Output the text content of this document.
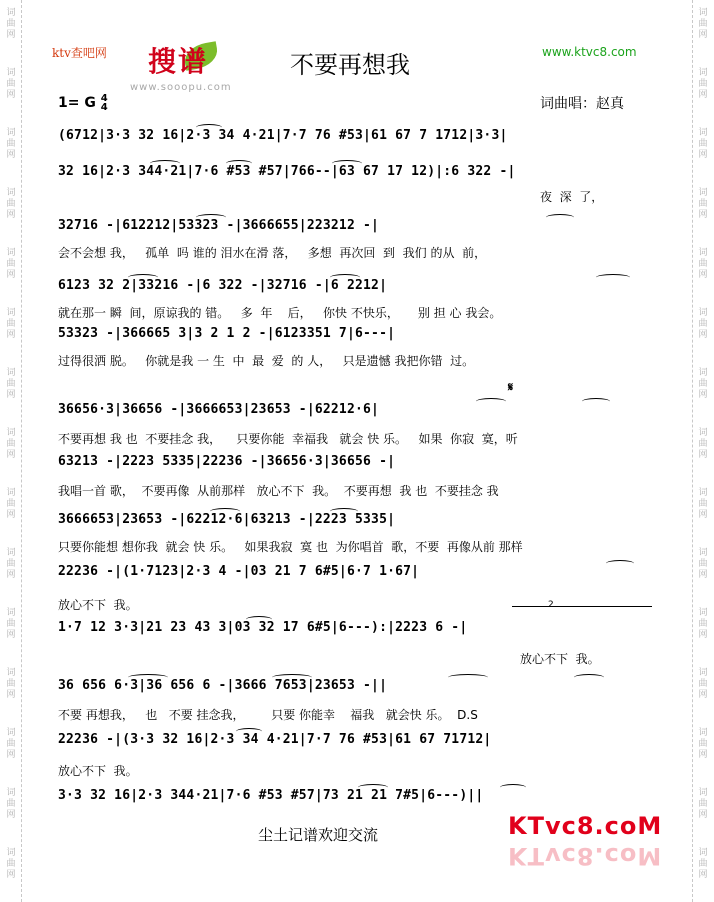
词
曲
网
词
曲
网
词
曲
网
词
曲
网
词
曲
网
词
曲
网
词
曲
网
词
曲
网
词
曲
网
词
曲
网
词
曲
网
词
曲
网
词
曲
网
词
曲
网
词
曲
网
词
曲
网
词
曲
网
词
曲
网
词
曲
网
词
曲
网
词
曲
网
词
曲
网
词
曲
网
词
曲
网
词
曲
网
词
曲
网
词
曲
网
词
曲
网
词
曲
网
词
曲
网
ktv查吧网 搜谱
www.sooopu.com
不要再想我	www.ktvc8.com
1= G 4
4	词曲唱：赵真
(6712|3·3 32 16|2·3 34 4·21|7·7 76 #53|61 67 7 1712|3·3|
32 16|2·3 344·21|7·6 #53 #57|766--|63 67 17 12)|:6 322 -|
夜  深  了，
32716 -|612212|53323 -|3666655|223212 -|
会不会想 我，   孤单  吗 谁的 泪水在滑 落，   多想  再次回  到  我们 的从  前，
6123 32 2|33216 -|6 322 -|32716 -|6 2212|
就在那一 瞬  间，原谅我的 错。   多  年    后，   你快 不快乐，     别 担 心 我会。
53323 -|366665 3|3 2 1 2 -|6123351 7|6---|
过得很洒 脱。   你就是我 一 生  中  最  爱  的 人，   只是遗憾 我把你错  过。
𝄋
36656·3|36656 -|3666653|23653 -|62212·6|
不要再想 我 也  不要挂念 我，    只要你能  幸福我   就会 快 乐。   如果  你寂  寞，听
63213 -|2223 5335|22236 -|36656·3|36656 -|
我唱一首 歌，  不要再像  从前那样   放心不下  我。  不要再想  我 也  不要挂念 我
3666653|23653 -|62212·6|63213 -|2223 5335|
只要你能想 想你我  就会 快 乐。   如果我寂  寞 也  为你唱首  歌，不要  再像从前 那样
22236 -|(1·7123|2·3 4 -|03 21 7 6#5|6·7 1·67|
放心不下  我。	2
1·7 12 3·3|21 23 43 3|03 32 17 6#5|6---):|2223 6 -|
放心不下  我。
36 656 6·3|36 656 6 -|3666 7653|23653 -||
不要 再想我，   也   不要 挂念我，       只要 你能幸    福我   就会快 乐。  D.S
22236 -|(3·3 32 16|2·3 34 4·21|7·7 76 #53|61 67 71712|
放心不下  我。
3·3 32 16|2·3 344·21|7·6 #53 #57|73 21 21 7#5|6---)||
尘土记谱欢迎交流	KTvc8.coM
KTvc8.coM
